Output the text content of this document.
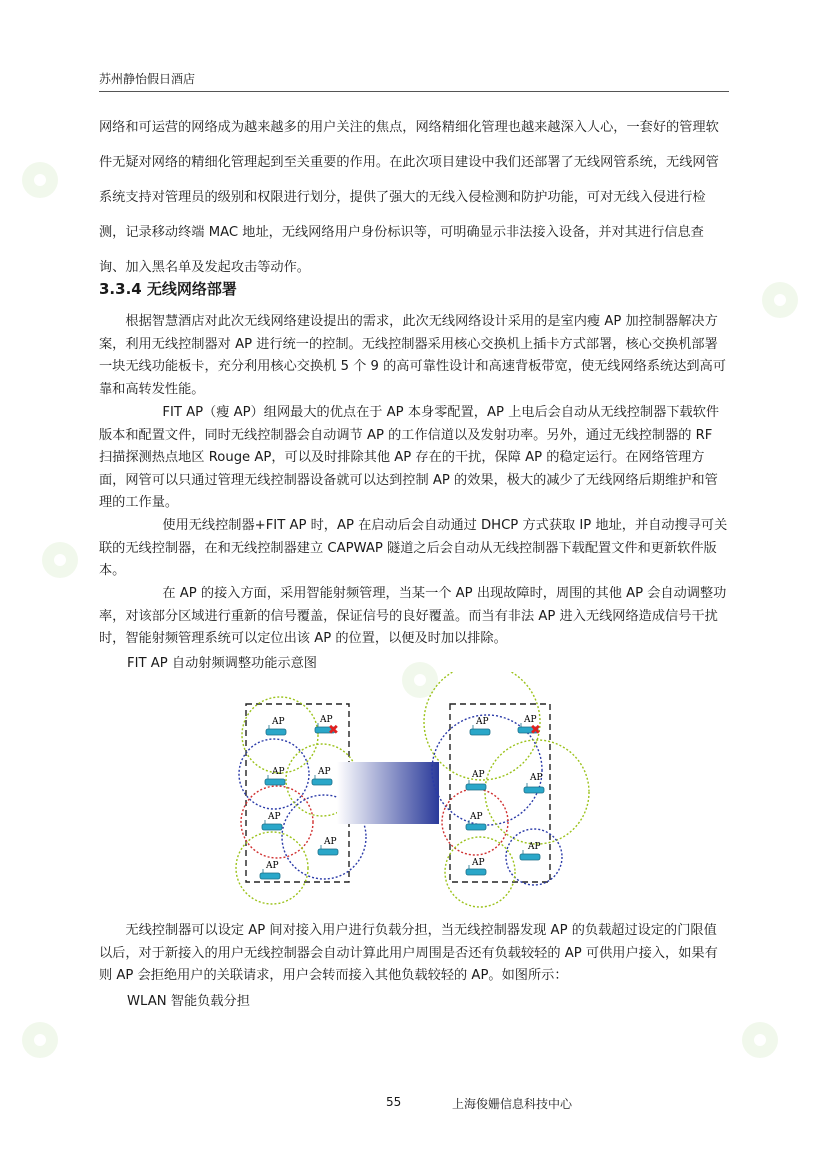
苏州静怡假日酒店

网络和可运营的网络成为越来越多的用户关注的焦点，网络精细化管理也越来越深入人心，一套好的管理软件无疑对网络的精细化管理起到至关重要的作用。在此次项目建设中我们还部署了无线网管系统，无线网管系统支持对管理员的级别和权限进行划分，提供了强大的无线入侵检测和防护功能，可对无线入侵进行检测，记录移动终端 MAC 地址，无线网络用户身份标识等，可明确显示非法接入设备，并对其进行信息查询、加入黑名单及发起攻击等动作。

3.3.4 无线网络部署

根据智慧酒店对此次无线网络建设提出的需求，此次无线网络设计采用的是室内瘦 AP 加控制器解决方案，利用无线控制器对 AP 进行统一的控制。无线控制器采用核心交换机上插卡方式部署，核心交换机部署一块无线功能板卡，充分利用核心交换机 5 个 9 的高可靠性设计和高速背板带宽，使无线网络系统达到高可靠和高转发性能。

FIT AP（瘦 AP）组网最大的优点在于 AP 本身零配置，AP 上电后会自动从无线控制器下载软件版本和配置文件，同时无线控制器会自动调节 AP 的工作信道以及发射功率。另外，通过无线控制器的 RF 扫描探测热点地区 Rouge AP，可以及时排除其他 AP 存在的干扰，保障 AP 的稳定运行。在网络管理方面，网管可以只通过管理无线控制器设备就可以达到控制 AP 的效果，极大的减少了无线网络后期维护和管理的工作量。

使用无线控制器+FIT AP 时，AP 在启动后会自动通过 DHCP 方式获取 IP 地址，并自动搜寻可关联的无线控制器，在和无线控制器建立 CAPWAP 隧道之后会自动从无线控制器下载配置文件和更新软件版本。

在 AP 的接入方面，采用智能射频管理，当某一个 AP 出现故障时，周围的其他 AP 会自动调整功率，对该部分区域进行重新的信号覆盖，保证信号的良好覆盖。而当有非法 AP 进入无线网络造成信号干扰时，智能射频管理系统可以定位出该 AP 的位置，以便及时加以排除。

FIT AP 自动射频调整功能示意图
AP	AP
✖
AP	AP
AP
AP
AP
AP	AP
✖
AP	AP
AP
AP
AP

无线控制器可以设定 AP 间对接入用户进行负载分担，当无线控制器发现 AP 的负载超过设定的门限值以后，对于新接入的用户无线控制器会自动计算此用户周围是否还有负载较轻的 AP 可供用户接入，如果有则 AP 会拒绝用户的关联请求，用户会转而接入其他负载较轻的 AP。如图所示：

WLAN 智能负载分担
55	上海俊姗信息科技中心
